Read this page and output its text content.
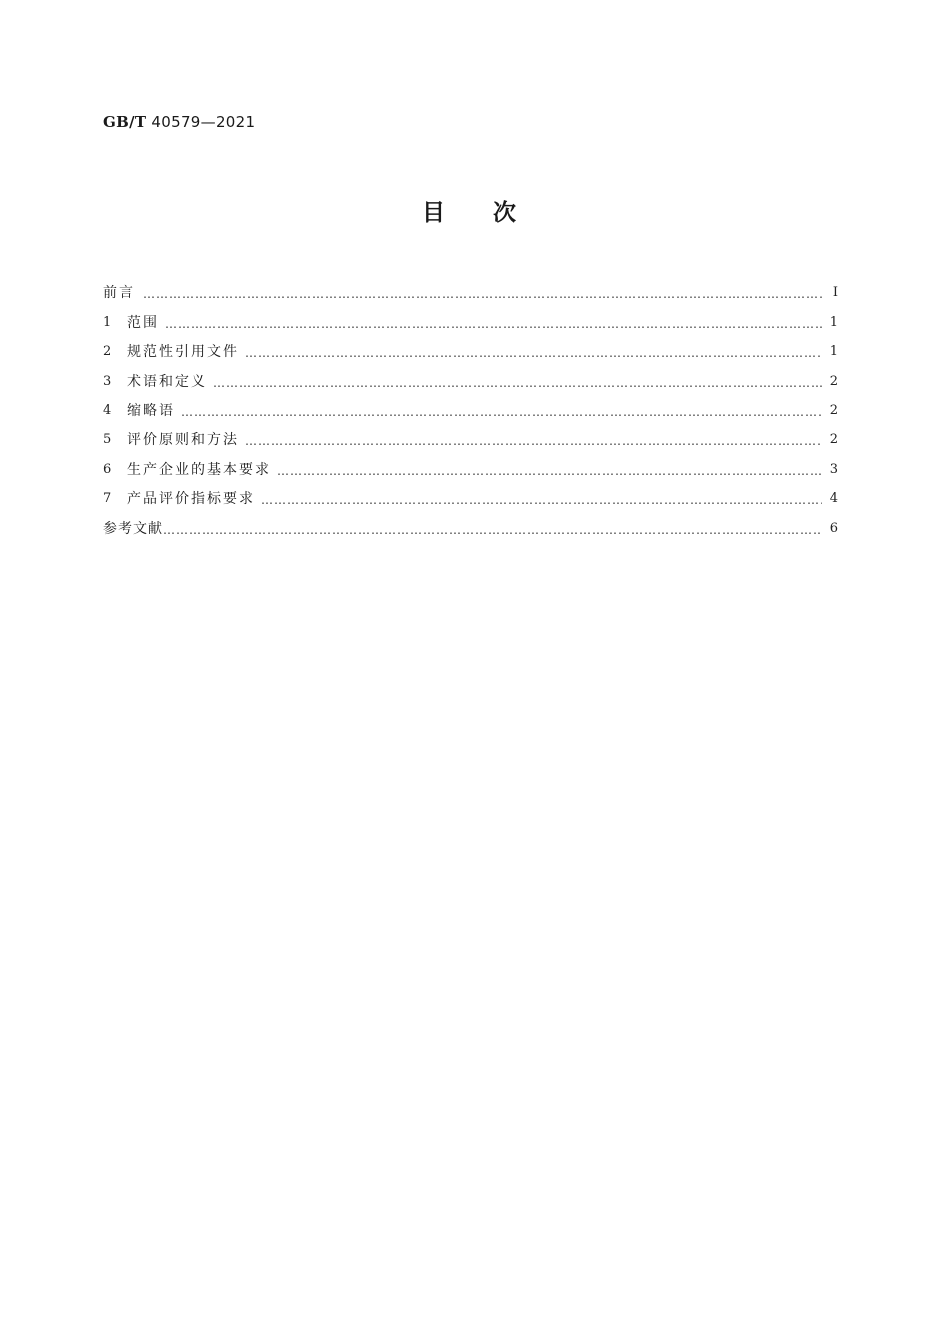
GB/T 40579—2021
目次
前言 ……………………………………………………………………………………………………………………………………………………………………………………………………………………………………………………………………	Ⅰ
1	范围 ……………………………………………………………………………………………………………………………………………………………………………………………………………………………………………………………………	1
2	规范性引用文件 ……………………………………………………………………………………………………………………………………………………………………………………………………………………………………………………………………	1
3	术语和定义 ……………………………………………………………………………………………………………………………………………………………………………………………………………………………………………………………………	2
4	缩略语 ……………………………………………………………………………………………………………………………………………………………………………………………………………………………………………………………………	2
5	评价原则和方法 ……………………………………………………………………………………………………………………………………………………………………………………………………………………………………………………………………	2
6	生产企业的基本要求 ……………………………………………………………………………………………………………………………………………………………………………………………………………………………………………………………………	3
7	产品评价指标要求 ……………………………………………………………………………………………………………………………………………………………………………………………………………………………………………………………………	4
参考文献 ……………………………………………………………………………………………………………………………………………………………………………………………………………………………………………………………………	6
